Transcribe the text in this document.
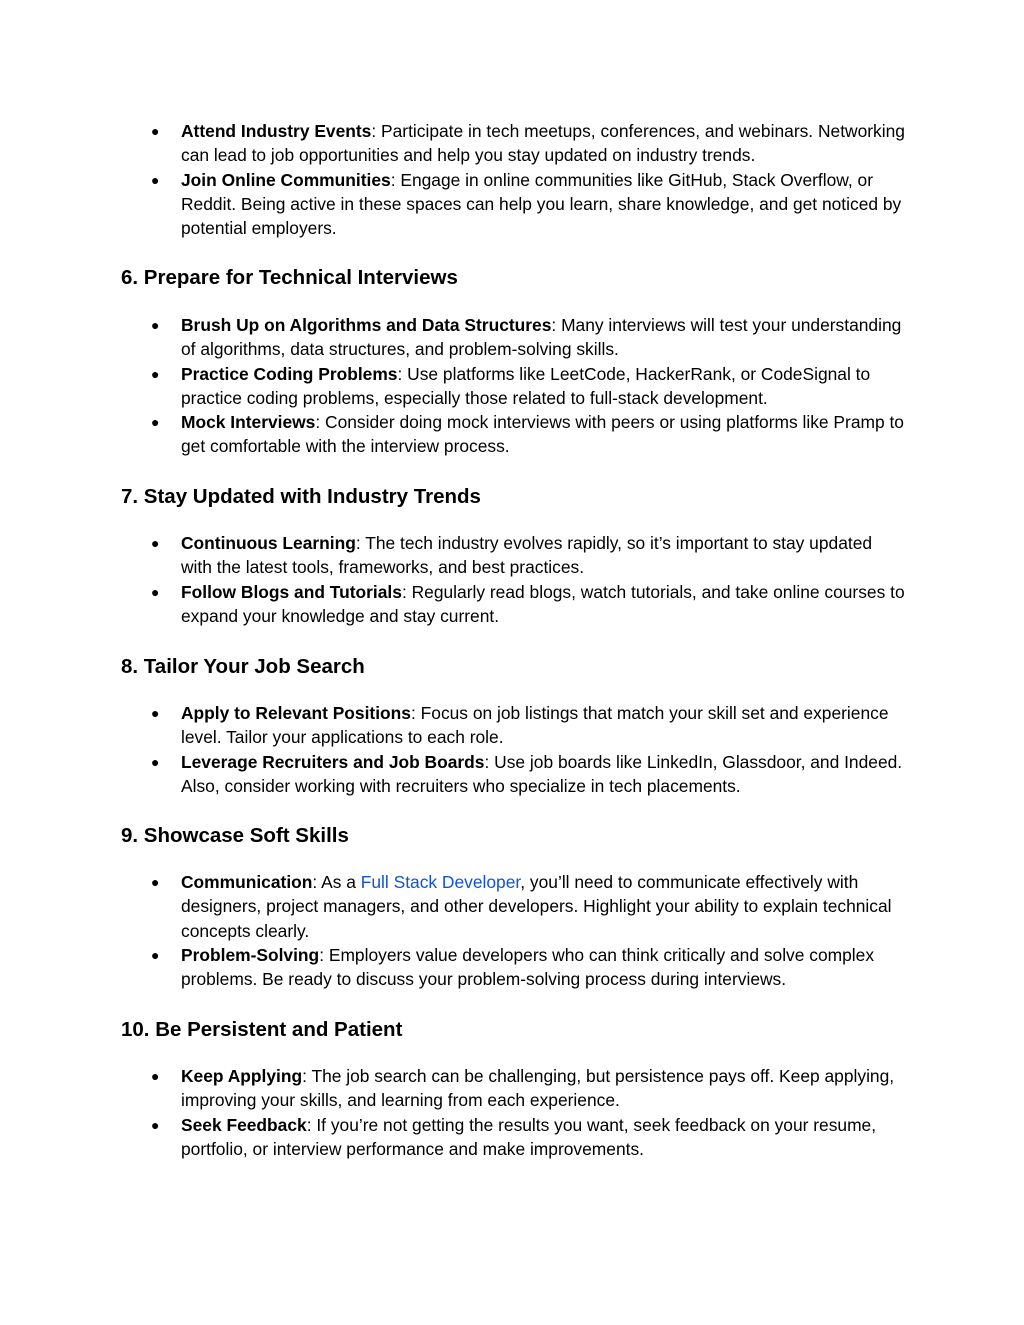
● Attend Industry Events: Participate in tech meetups, conferences, and webinars. Networking can lead to job opportunities and help you stay updated on industry trends.
● Join Online Communities: Engage in online communities like GitHub, Stack Overflow, or Reddit. Being active in these spaces can help you learn, share knowledge, and get noticed by potential employers.
6. Prepare for Technical Interviews
● Brush Up on Algorithms and Data Structures: Many interviews will test your understanding of algorithms, data structures, and problem-solving skills.
● Practice Coding Problems: Use platforms like LeetCode, HackerRank, or CodeSignal to practice coding problems, especially those related to full-stack development.
● Mock Interviews: Consider doing mock interviews with peers or using platforms like Pramp to get comfortable with the interview process.
7. Stay Updated with Industry Trends
● Continuous Learning: The tech industry evolves rapidly, so it’s important to stay updated with the latest tools, frameworks, and best practices.
● Follow Blogs and Tutorials: Regularly read blogs, watch tutorials, and take online courses to expand your knowledge and stay current.
8. Tailor Your Job Search
● Apply to Relevant Positions: Focus on job listings that match your skill set and experience level. Tailor your applications to each role.
● Leverage Recruiters and Job Boards: Use job boards like LinkedIn, Glassdoor, and Indeed. Also, consider working with recruiters who specialize in tech placements.
9. Showcase Soft Skills
● Communication: As a Full Stack Developer, you’ll need to communicate effectively with designers, project managers, and other developers. Highlight your ability to explain technical concepts clearly.
● Problem-Solving: Employers value developers who can think critically and solve complex problems. Be ready to discuss your problem-solving process during interviews.
10. Be Persistent and Patient
● Keep Applying: The job search can be challenging, but persistence pays off. Keep applying, improving your skills, and learning from each experience.
● Seek Feedback: If you’re not getting the results you want, seek feedback on your resume, portfolio, or interview performance and make improvements.
